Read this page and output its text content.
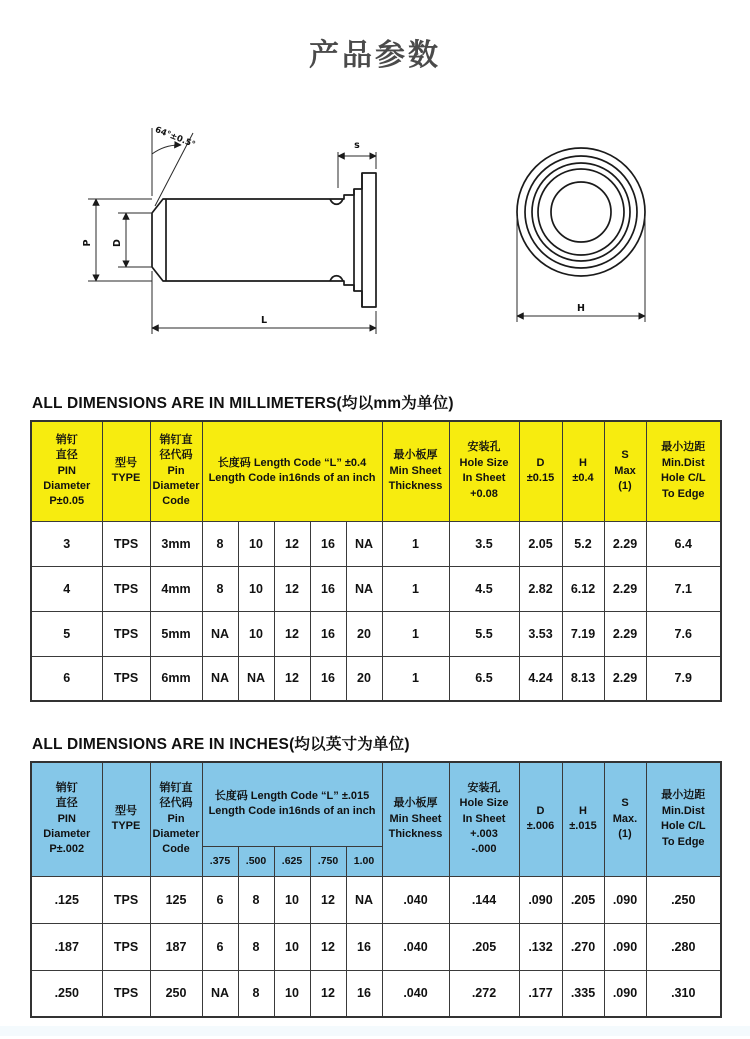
产品参数
P D
64°±0.5°	s
L
H
ALL DIMENSIONS ARE IN MILLIMETERS(均以mm为单位)
销钉
直径
PIN
Diameter
P±0.05	型号
TYPE	销钉直
径代码
Pin
Diameter
Code	长度码 Length Code “L” ±0.4
Length Code in16nds of an inch					最小板厚
Min Sheet
Thickness	安装孔
Hole Size
In Sheet
+0.08	D
±0.15	H
±0.4	S
Max
(1)	最小边距
Min.Dist
Hole C/L
To Edge
3	TPS	3mm	8	10	12	16	NA	1	3.5	2.05	5.2	2.29	6.4
4	TPS	4mm	8	10	12	16	NA	1	4.5	2.82	6.12	2.29	7.1
5	TPS	5mm	NA	10	12	16	20	1	5.5	3.53	7.19	2.29	7.6
6	TPS	6mm	NA	NA	12	16	20	1	6.5	4.24	8.13	2.29	7.9
ALL DIMENSIONS ARE IN INCHES(均以英寸为单位)
销钉
直径
PIN
Diameter
P±.002	型号
TYPE	销钉直
径代码
Pin
Diameter
Code	长度码 Length Code “L” ±.015
Length Code in16nds of an inch					最小板厚
Min Sheet
Thickness	安装孔
Hole Size
In Sheet
+.003
-.000	D
±.006	H
±.015	S
Max.
(1)	最小边距
Min.Dist
Hole C/L
To Edge
			.375	.500	.625	.750	1.00						
.125	TPS	125	6	8	10	12	NA	.040	.144	.090	.205	.090	.250
.187	TPS	187	6	8	10	12	16	.040	.205	.132	.270	.090	.280
.250	TPS	250	NA	8	10	12	16	.040	.272	.177	.335	.090	.310
